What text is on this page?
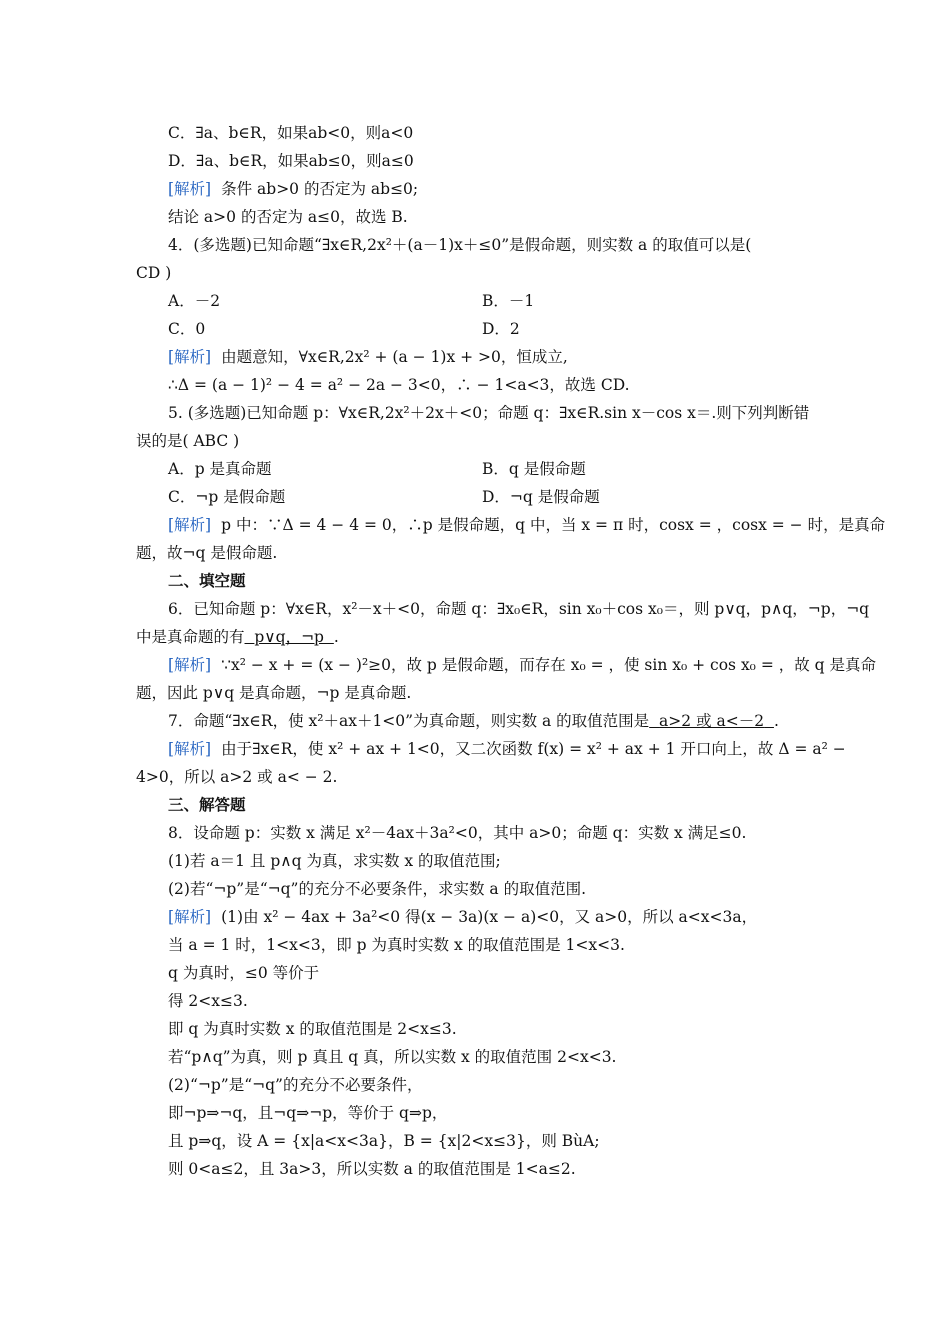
C．∃a、b∈R，如果ab<0，则a<0
D．∃a、b∈R，如果ab≤0，则a≤0
[解析] 条件 ab>0 的否定为 ab≤0;
结论 a>0 的否定为 a≤0，故选 B.
4．(多选题)已知命题“∃x∈R,2x²＋(a－1)x＋≤0”是假命题，则实数 a 的取值可以是(
CD )
A．－2	B．－1
C．0	D．2
[解析] 由题意知，∀x∈R,2x² + (a − 1)x + >0，恒成立,
∴Δ = (a − 1)² − 4 = a² − 2a − 3<0，∴ − 1<a<3，故选 CD.
5. (多选题)已知命题 p：∀x∈R,2x²＋2x＋<0；命题 q：∃x∈R.sin x－cos x＝.则下列判断错
误的是( ABC )
A．p 是真命题	B．q 是假命题
C．¬p 是假命题	D．¬q 是假命题
[解析] p 中：∵Δ = 4 − 4 = 0，∴p 是假命题，q 中，当 x = π 时，cosx = ，cosx = − 时，是真命
题，故¬q 是假命题.
二、填空题
6．已知命题 p：∀x∈R，x²－x＋<0，命题 q：∃x₀∈R，sin x₀＋cos x₀＝，则 p∨q，p∧q，¬p，¬q
中是真命题的有 p∨q，¬p .
[解析] ∵x² − x + = (x − )²≥0，故 p 是假命题，而存在 x₀ = ，使 sin x₀ + cos x₀ = ，故 q 是真命
题，因此 p∨q 是真命题，¬p 是真命题.
7．命题“∃x∈R，使 x²＋ax＋1<0”为真命题，则实数 a 的取值范围是 a>2 或 a<－2 .
[解析] 由于∃x∈R，使 x² + ax + 1<0，又二次函数 f(x) = x² + ax + 1 开口向上，故 Δ = a² −
4>0，所以 a>2 或 a< − 2.
三、解答题
8．设命题 p：实数 x 满足 x²－4ax＋3a²<0，其中 a>0；命题 q：实数 x 满足≤0.
(1)若 a＝1 且 p∧q 为真，求实数 x 的取值范围;
(2)若“¬p”是“¬q”的充分不必要条件，求实数 a 的取值范围.
[解析] (1)由 x² − 4ax + 3a²<0 得(x − 3a)(x − a)<0，又 a>0，所以 a<x<3a，
当 a = 1 时，1<x<3，即 p 为真时实数 x 的取值范围是 1<x<3.
q 为真时，≤0 等价于
得 2<x≤3.
即 q 为真时实数 x 的取值范围是 2<x≤3.
若“p∧q”为真，则 p 真且 q 真，所以实数 x 的取值范围 2<x<3.
(2)“¬p”是“¬q”的充分不必要条件，
即¬p⇒¬q，且¬q⇒¬p，等价于 q⇒p，
且 p⇒q，设 A = {x|a<x<3a}，B = {x|2<x≤3}，则 BùA;
则 0<a≤2，且 3a>3，所以实数 a 的取值范围是 1<a≤2.
